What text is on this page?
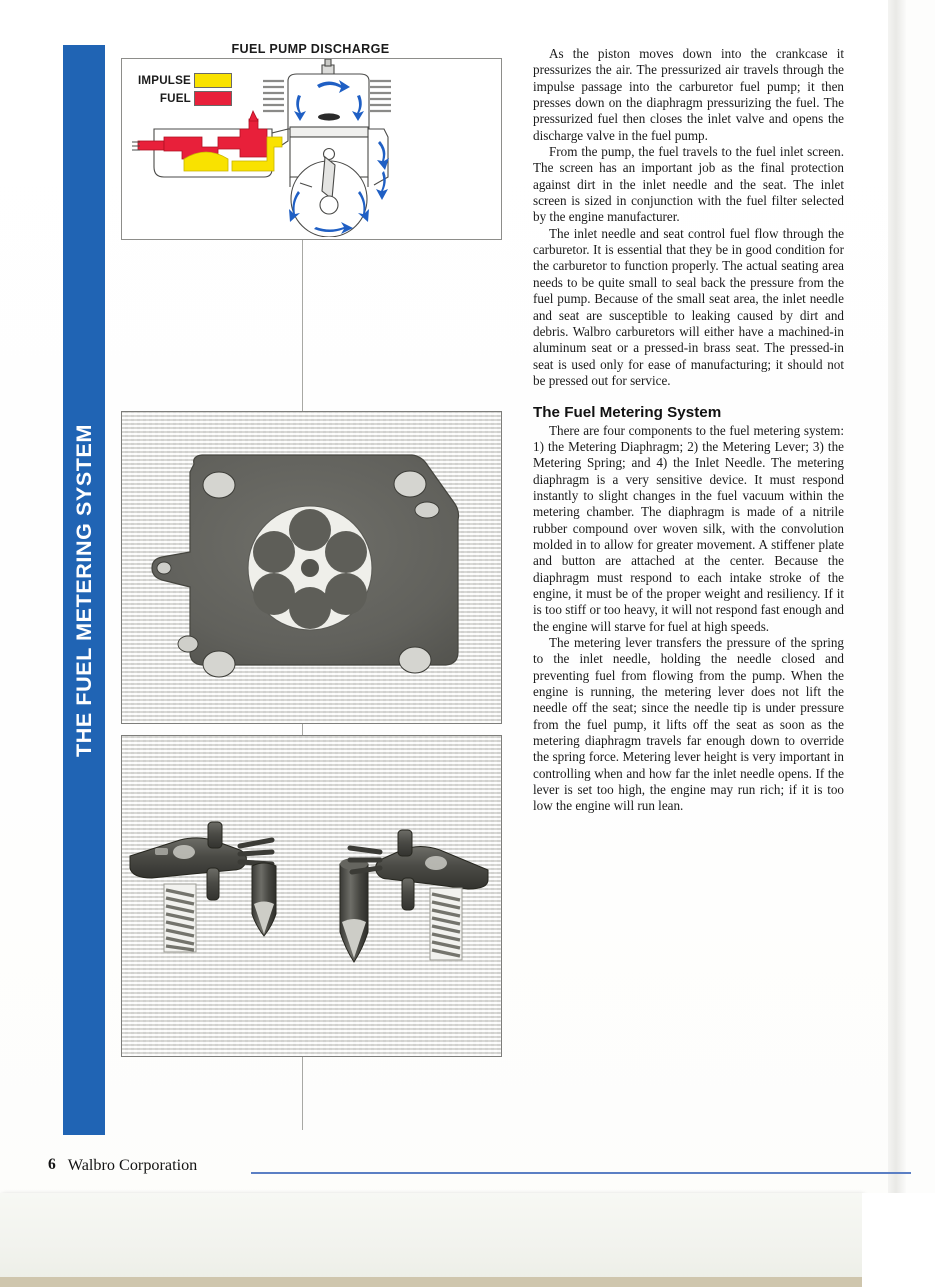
THE FUEL METERING SYSTEM
FUEL PUMP DISCHARGE
IMPULSE
FUEL

As the piston moves down into the crankcase it pressurizes the air. The pressurized air travels through the impulse passage into the carburetor fuel pump; it then presses down on the diaphragm pressurizing the fuel. The pressurized fuel then closes the inlet valve and opens the discharge valve in the fuel pump.

From the pump, the fuel travels to the fuel inlet screen. The screen has an important job as the final protection against dirt in the inlet needle and the seat. The inlet screen is sized in conjunction with the fuel filter selected by the engine manufacturer.

The inlet needle and seat control fuel flow through the carburetor. It is essential that they be in good condition for the carburetor to function properly. The actual seating area needs to be quite small to seal back the pressure from the fuel pump. Because of the small seat area, the inlet needle and seat are susceptible to leaking caused by dirt and debris. Walbro carburetors will either have a machined-in aluminum seat or a pressed-in brass seat. The pressed-in seat is used only for ease of manufacturing; it should not be pressed out for service.

The Fuel Metering System

There are four components to the fuel metering system: 1) the Metering Diaphragm; 2) the Metering Lever; 3) the Metering Spring; and 4) the Inlet Needle. The metering diaphragm is a very sensitive device. It must respond instantly to slight changes in the fuel vacuum within the metering chamber. The diaphragm is made of a nitrile rubber compound over woven silk, with the convolution molded in to allow for greater movement. A stiffener plate and button are attached at the center. Because the diaphragm must respond to each intake stroke of the engine, it must be of the proper weight and resiliency. If it is too stiff or too heavy, it will not respond fast enough and the engine will starve for fuel at high speeds.

The metering lever transfers the pressure of the spring to the inlet needle, holding the needle closed and preventing fuel from flowing from the pump. When the engine is running, the metering lever does not lift the needle off the seat; since the needle tip is under pressure from the fuel pump, it lifts off the seat as soon as the metering diaphragm travels far enough down to override the spring force. Metering lever height is very important in controlling when and how far the inlet needle opens. If the lever is set too high, the engine may run rich; if it is too low the engine will run lean.

6 Walbro Corporation
